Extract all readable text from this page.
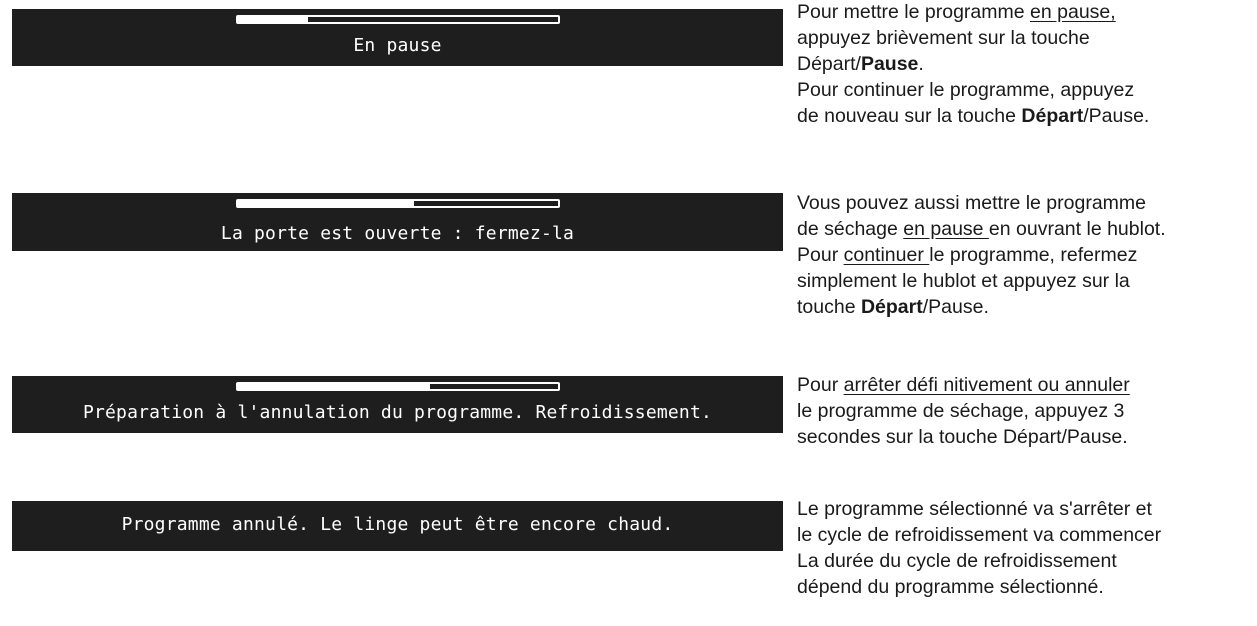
En pause
La porte est ouverte : fermez-la
Préparation à l'annulation du programme. Refroidissement.
Programme annulé. Le linge peut être encore chaud.

Pour mettre le programme en pause,

appuyez brièvement sur la touche

Départ/Pause.

Pour continuer le programme, appuyez

de nouveau sur la touche Départ/Pause.

Vous pouvez aussi mettre le programme

de séchage en pause en ouvrant le hublot.

Pour continuer le programme, refermez

simplement le hublot et appuyez sur la

touche Départ/Pause.

Pour arrêter défi nitivement ou annuler

le programme de séchage, appuyez 3

secondes sur la touche Départ/Pause.

Le programme sélectionné va s'arrêter et

le cycle de refroidissement va commencer

La durée du cycle de refroidissement

dépend du programme sélectionné.
